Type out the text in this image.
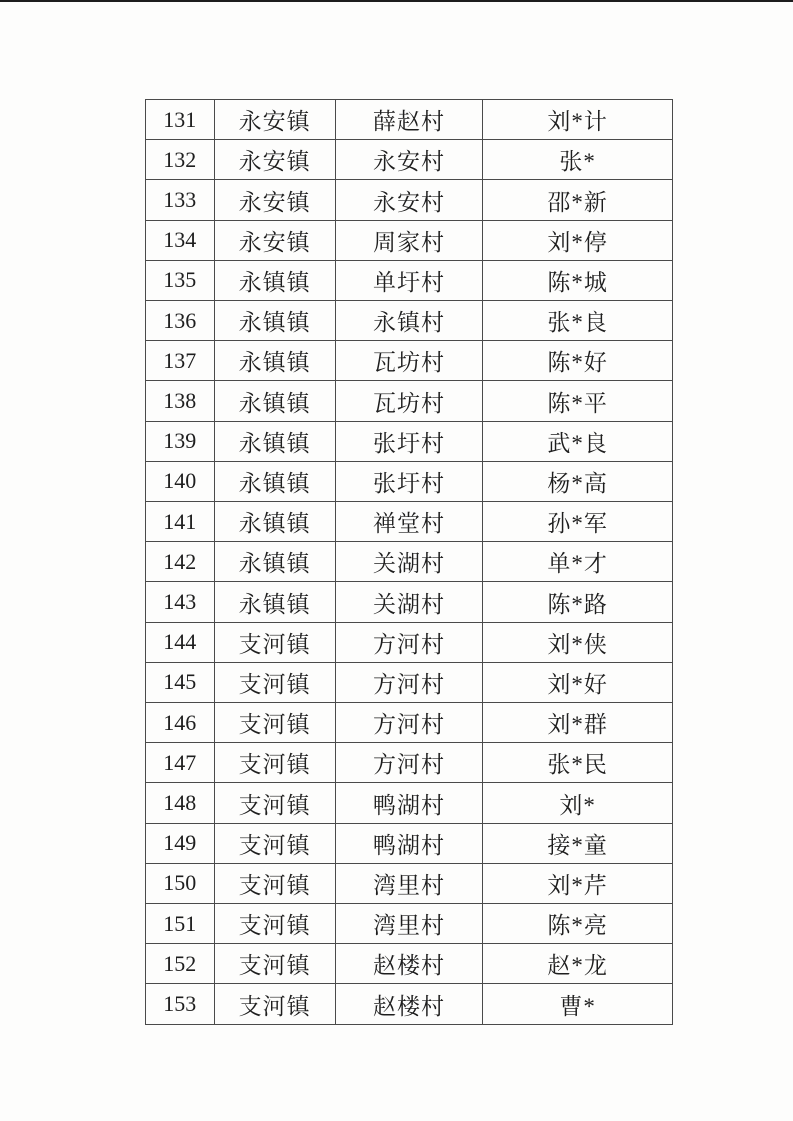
131	永安镇	薛赵村	刘*计
132	永安镇	永安村	张*
133	永安镇	永安村	邵*新
134	永安镇	周家村	刘*停
135	永镇镇	单圩村	陈*城
136	永镇镇	永镇村	张*良
137	永镇镇	瓦坊村	陈*好
138	永镇镇	瓦坊村	陈*平
139	永镇镇	张圩村	武*良
140	永镇镇	张圩村	杨*高
141	永镇镇	禅堂村	孙*军
142	永镇镇	关湖村	单*才
143	永镇镇	关湖村	陈*路
144	支河镇	方河村	刘*侠
145	支河镇	方河村	刘*好
146	支河镇	方河村	刘*群
147	支河镇	方河村	张*民
148	支河镇	鸭湖村	刘*
149	支河镇	鸭湖村	接*童
150	支河镇	湾里村	刘*芹
151	支河镇	湾里村	陈*亮
152	支河镇	赵楼村	赵*龙
153	支河镇	赵楼村	曹*
